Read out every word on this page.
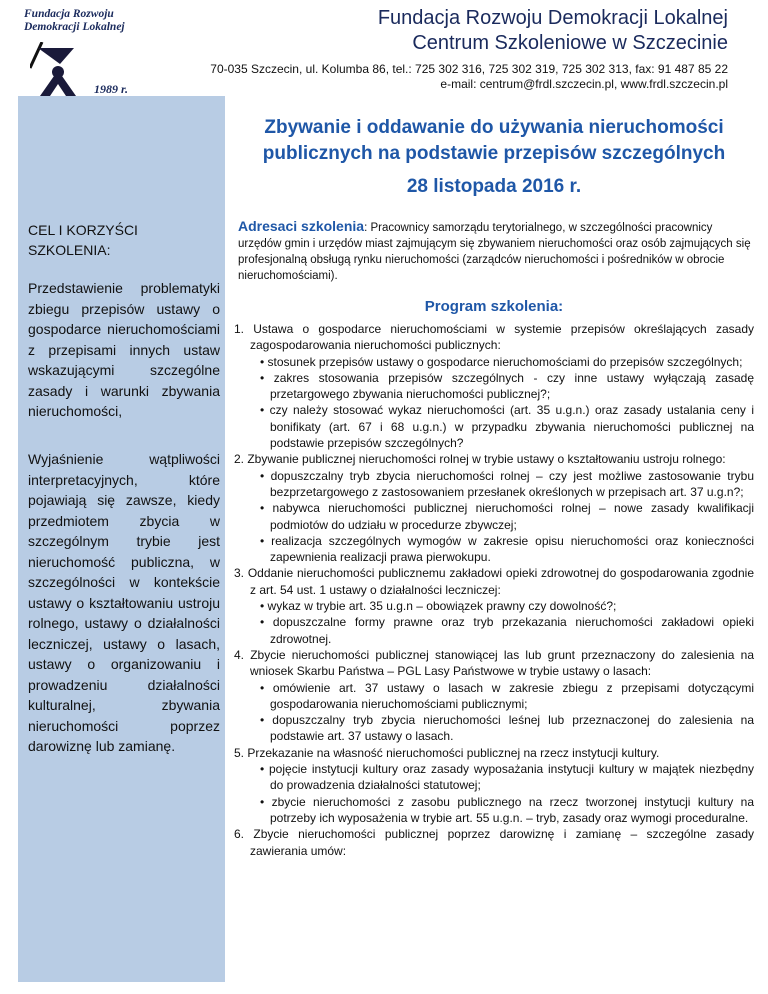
Fundacja Rozwoju
Demokracji Lokalnej
1989 r.
Fundacja Rozwoju Demokracji Lokalnej
Centrum Szkoleniowe w Szczecinie
70-035 Szczecin, ul. Kolumba 86, tel.: 725 302 316, 725 302 319, 725 302 313, fax: 91 487 85 22
e-mail: centrum@frdl.szczecin.pl, www.frdl.szczecin.pl
CEL I KORZYŚCI SZKOLENIA:
Przedstawienie problematyki zbiegu przepisów ustawy o gospodarce nieruchomościami z przepisami innych ustaw wskazującymi szczególne zasady i warunki zbywania nieruchomości,
Wyjaśnienie wątpliwości interpretacyjnych, które pojawiają się zawsze, kiedy przedmiotem zbycia w szczególnym trybie jest nieruchomość publiczna, w szczególności w kontekście ustawy o kształtowaniu ustroju rolnego, ustawy o działalności leczniczej, ustawy o lasach, ustawy o organizowaniu i prowadzeniu działalności kulturalnej, zbywania nieruchomości poprzez darowiznę lub zamianę.
Zbywanie i oddawanie do używania nieruchomości publicznych na podstawie przepisów szczególnych
28 listopada 2016 r.
Adresaci szkolenia: Pracownicy samorządu terytorialnego, w szczególności pracownicy urzędów gmin i urzędów miast zajmującym się zbywaniem nieruchomości oraz osób zajmujących się profesjonalną obsługą rynku nieruchomości (zarządców nieruchomości i pośredników w obrocie nieruchomościami).
Program szkolenia:
1. Ustawa o gospodarce nieruchomościami w systemie przepisów określających zasady zagospodarowania nieruchomości publicznych:
• stosunek przepisów ustawy o gospodarce nieruchomościami do przepisów szczególnych;
• zakres stosowania przepisów szczególnych - czy inne ustawy wyłączają zasadę przetargowego zbywania nieruchomości publicznej?;
• czy należy stosować wykaz nieruchomości (art. 35 u.g.n.) oraz zasady ustalania ceny i bonifikaty (art. 67 i 68 u.g.n.) w przypadku zbywania nieruchomości publicznej na podstawie przepisów szczególnych?
2. Zbywanie publicznej nieruchomości rolnej w trybie ustawy o kształtowaniu ustroju rolnego:
• dopuszczalny tryb zbycia nieruchomości rolnej – czy jest możliwe zastosowanie trybu bezprzetargowego z zastosowaniem przesłanek określonych w przepisach art. 37 u.g.n?;
• nabywca nieruchomości publicznej nieruchomości rolnej – nowe zasady kwalifikacji podmiotów do udziału w procedurze zbywczej;
• realizacja szczególnych wymogów w zakresie opisu nieruchomości oraz konieczności zapewnienia realizacji prawa pierwokupu.
3. Oddanie nieruchomości publicznemu zakładowi opieki zdrowotnej do gospodarowania zgodnie z art. 54 ust. 1 ustawy o działalności leczniczej:
• wykaz w trybie art. 35 u.g.n – obowiązek prawny czy dowolność?;
• dopuszczalne formy prawne oraz tryb przekazania nieruchomości zakładowi opieki zdrowotnej.
4. Zbycie nieruchomości publicznej stanowiącej las lub grunt przeznaczony do zalesienia na wniosek Skarbu Państwa – PGL Lasy Państwowe w trybie ustawy o lasach:
• omówienie art. 37 ustawy o lasach w zakresie zbiegu z przepisami dotyczącymi gospodarowania nieruchomościami publicznymi;
• dopuszczalny tryb zbycia nieruchomości leśnej lub przeznaczonej do zalesienia na podstawie art. 37 ustawy o lasach.
5. Przekazanie na własność nieruchomości publicznej na rzecz instytucji kultury.
• pojęcie instytucji kultury oraz zasady wyposażania instytucji kultury w majątek niezbędny do prowadzenia działalności statutowej;
• zbycie nieruchomości z zasobu publicznego na rzecz tworzonej instytucji kultury na potrzeby ich wyposażenia w trybie art. 55 u.g.n. – tryb, zasady oraz wymogi proceduralne.
6. Zbycie nieruchomości publicznej poprzez darowiznę i zamianę – szczególne zasady zawierania umów:
